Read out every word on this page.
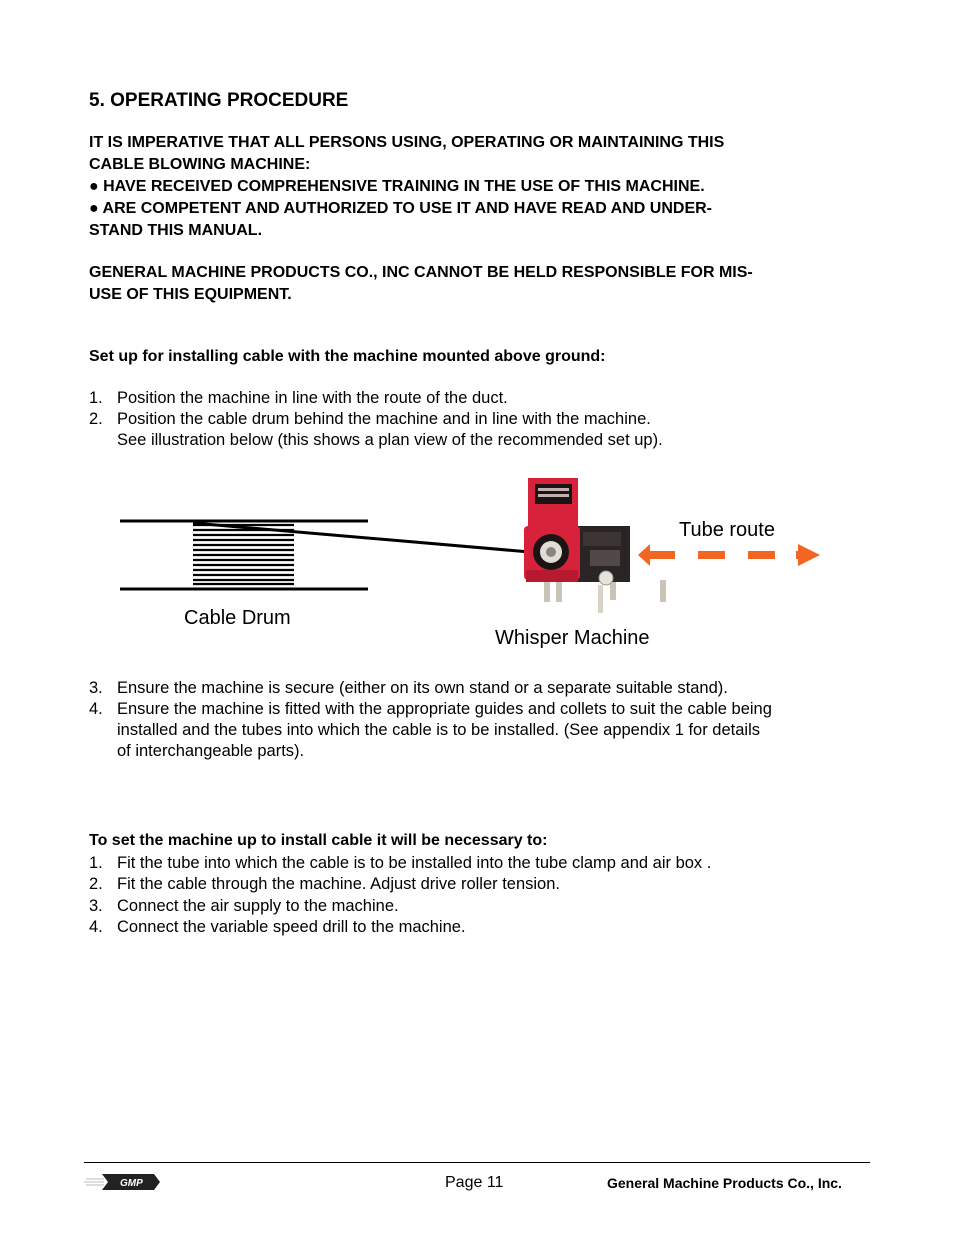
5. OPERATING PROCEDURE
IT IS IMPERATIVE THAT ALL PERSONS USING, OPERATING OR MAINTAINING THIS
CABLE BLOWING MACHINE:
● HAVE RECEIVED COMPREHENSIVE TRAINING IN THE USE OF THIS MACHINE.
● ARE COMPETENT AND AUTHORIZED TO USE IT AND HAVE READ AND UNDER-
STAND THIS MANUAL.
GENERAL MACHINE PRODUCTS CO., INC CANNOT BE HELD RESPONSIBLE FOR MIS-
USE OF THIS EQUIPMENT.
Set up for installing cable with the machine mounted above ground:
1. Position the machine in line with the route of the duct.
2. Position the cable drum behind the machine and in line with the machine.
See illustration below (this shows a plan view of the recommended set up).
Tube route
Cable Drum
Whisper Machine
3. Ensure the machine is secure (either on its own stand or a separate suitable stand).
4. Ensure the machine is fitted with the appropriate guides and collets to suit the cable being
installed and the tubes into which the cable is to be installed. (See appendix 1 for details
of interchangeable parts).
To set the machine up to install cable it will be necessary to:
1. Fit the tube into which the cable is to be installed into the tube clamp and air box .
2. Fit the cable through the machine. Adjust drive roller tension.
3. Connect the air supply to the machine.
4. Connect the variable speed drill to the machine.
GMP	Page 11	General Machine Products Co., Inc.
